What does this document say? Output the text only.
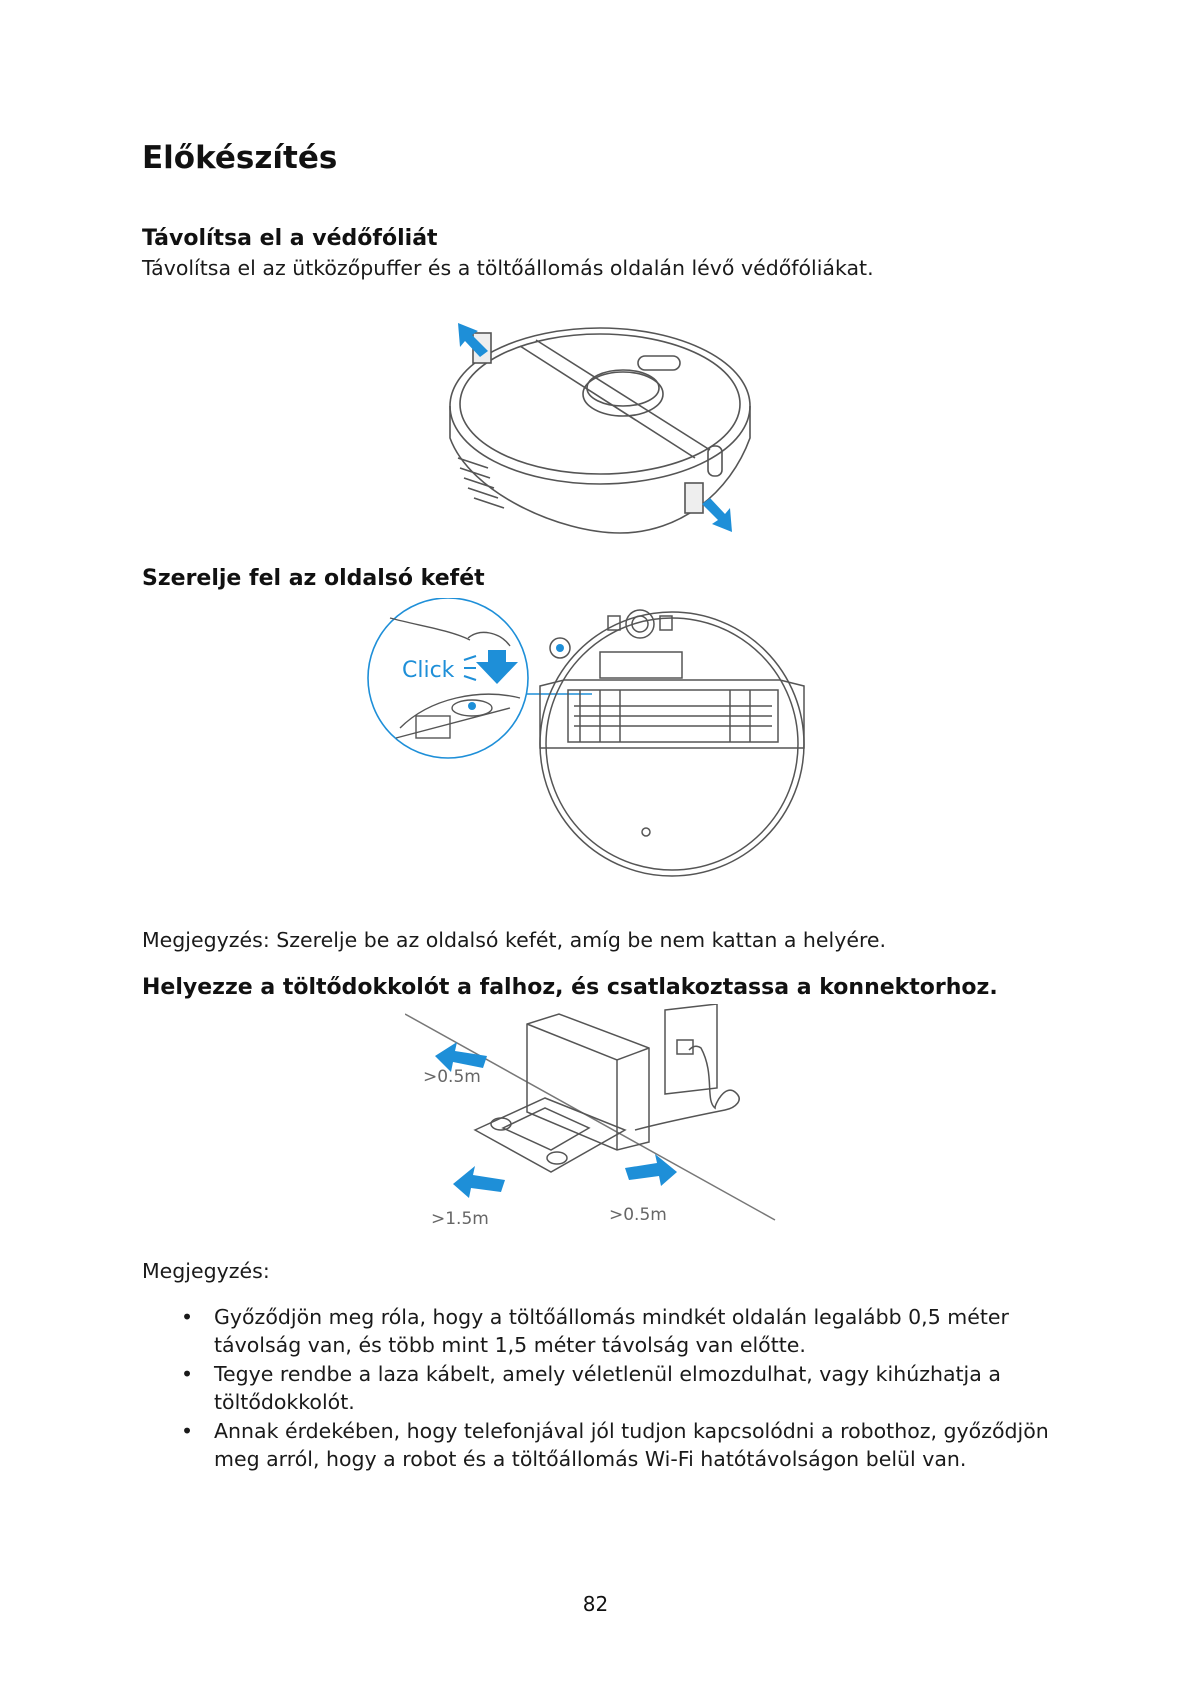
Előkészítés
Távolítsa el a védőfóliát

Távolítsa el az ütközőpuffer és a töltőállomás oldalán lévő védőfóliákat.

Szerelje fel az oldalsó kefét
Click

Megjegyzés: Szerelje be az oldalsó kefét, amíg be nem kattan a helyére.

Helyezze a töltődokkolót a falhoz, és csatlakoztassa a konnektorhoz.
>0.5m
>1.5m	>0.5m

Megjegyzés:

• Győződjön meg róla, hogy a töltőállomás mindkét oldalán legalább 0,5 méter távolság van, és több mint 1,5 méter távolság van előtte.
• Tegye rendbe a laza kábelt, amely véletlenül elmozdulhat, vagy kihúzhatja a töltődokkolót.
• Annak érdekében, hogy telefonjával jól tudjon kapcsolódni a robothoz, győződjön meg arról, hogy a robot és a töltőállomás Wi-Fi hatótávolságon belül van.
82
